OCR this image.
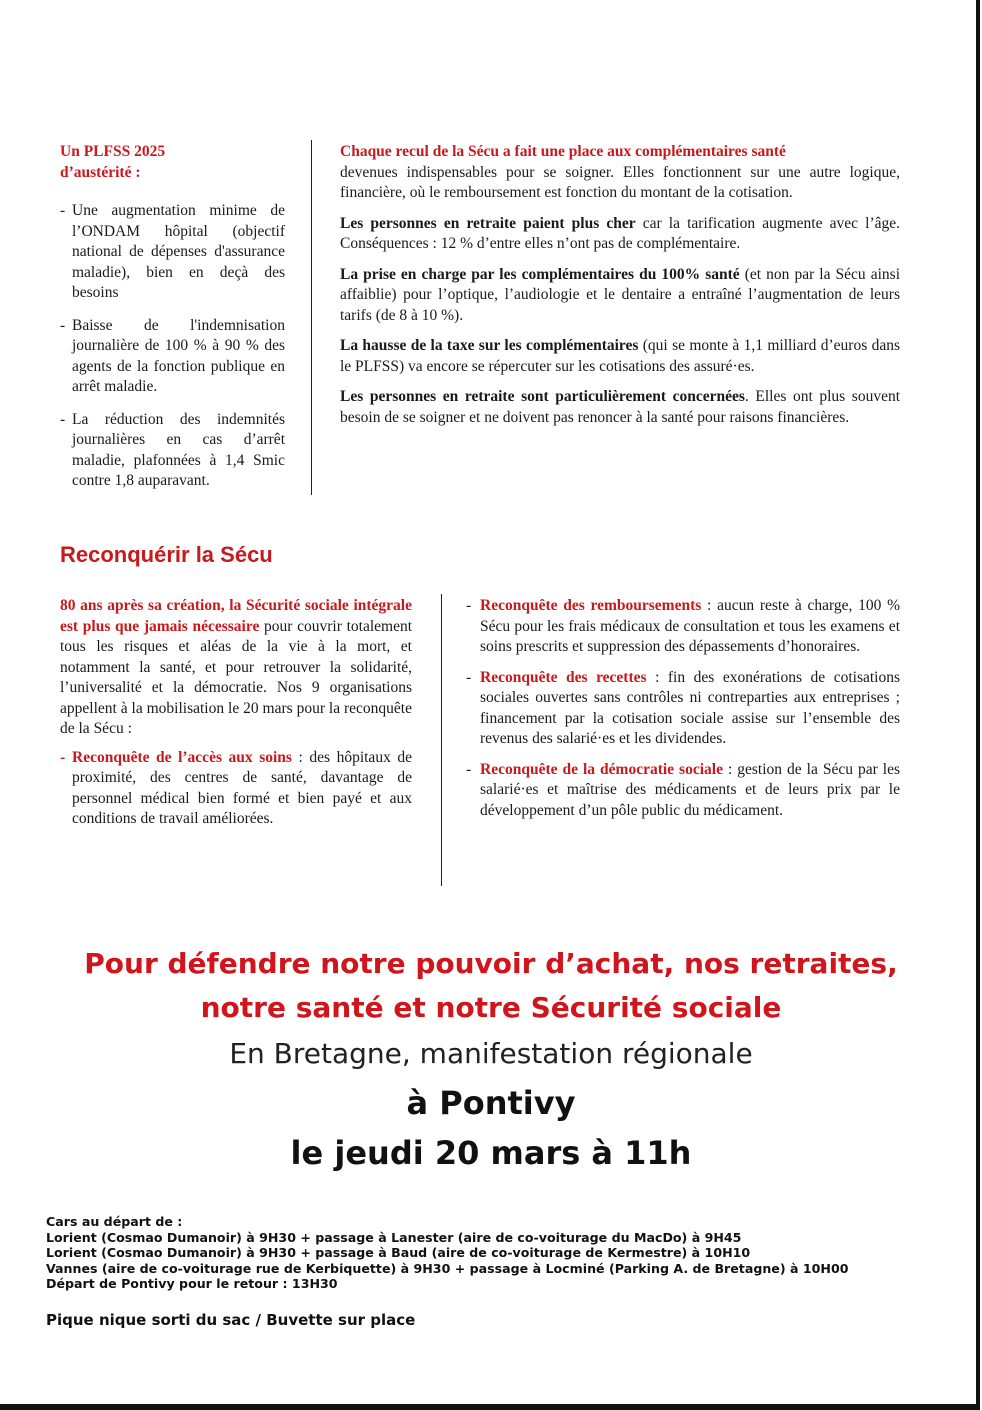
Un PLFSS 2025
d’austérité :
- Une augmentation minime de l’ONDAM hôpital (objectif national de dépenses d'assurance maladie), bien en deçà des besoins
- Baisse de l'indemnisation journalière de 100 % à 90 % des agents de la fonction publique en arrêt maladie.
- La réduction des indemnités journalières en cas d’arrêt maladie, plafonnées à 1,4 Smic contre 1,8 auparavant.

Chaque recul de la Sécu a fait une place aux complémentaires santé
devenues indispensables pour se soigner. Elles fonctionnent sur une autre logique, financière, où le remboursement est fonction du montant de la cotisation.

Les personnes en retraite paient plus cher car la tarification augmente avec l’âge. Conséquences : 12 % d’entre elles n’ont pas de complémentaire.

La prise en charge par les complémentaires du 100% santé (et non par la Sécu ainsi affaiblie) pour l’optique, l’audiologie et le dentaire a entraîné l’augmentation de leurs tarifs (de 8 à 10 %).

La hausse de la taxe sur les complémentaires (qui se monte à 1,1 milliard d’euros dans le PLFSS) va encore se répercuter sur les cotisations des assuré·es.

Les personnes en retraite sont particulièrement concernées. Elles ont plus souvent besoin de se soigner et ne doivent pas renoncer à la santé pour raisons financières.

Reconquérir la Sécu

80 ans après sa création, la Sécurité sociale intégrale est plus que jamais nécessaire pour couvrir totalement tous les risques et aléas de la vie à la mort, et notamment la santé, et pour retrouver la solidarité, l’universalité et la démocratie. Nos 9 organisations appellent à la mobilisation le 20 mars pour la reconquête de la Sécu :

- Reconquête de l’accès aux soins : des hôpitaux de proximité, des centres de santé, davantage de personnel médical bien formé et bien payé et aux conditions de travail améliorées.
- Reconquête des remboursements : aucun reste à charge, 100 % Sécu pour les frais médicaux de consultation et tous les examens et soins prescrits et suppression des dépassements d’honoraires.
- Reconquête des recettes : fin des exonérations de cotisations sociales ouvertes sans contrôles ni contreparties aux entreprises ; financement par la cotisation sociale assise sur l’ensemble des revenus des salarié·es et les dividendes.
- Reconquête de la démocratie sociale : gestion de la Sécu par les salarié·es et maîtrise des médicaments et de leurs prix par le développement d’un pôle public du médicament.

Pour défendre notre pouvoir d’achat, nos retraites,

notre santé et notre Sécurité sociale

En Bretagne, manifestation régionale

à Pontivy

le jeudi 20 mars à 11h

Cars au départ de :
Lorient (Cosmao Dumanoir) à 9H30 + passage à Lanester (aire de co-voiturage du MacDo) à 9H45
Lorient (Cosmao Dumanoir) à 9H30 + passage à Baud (aire de co-voiturage de Kermestre) à 10H10
Vannes (aire de co-voiturage rue de Kerbiquette) à 9H30 + passage à Locminé (Parking A. de Bretagne) à 10H00
Départ de Pontivy pour le retour : 13H30
Pique nique sorti du sac / Buvette sur place
